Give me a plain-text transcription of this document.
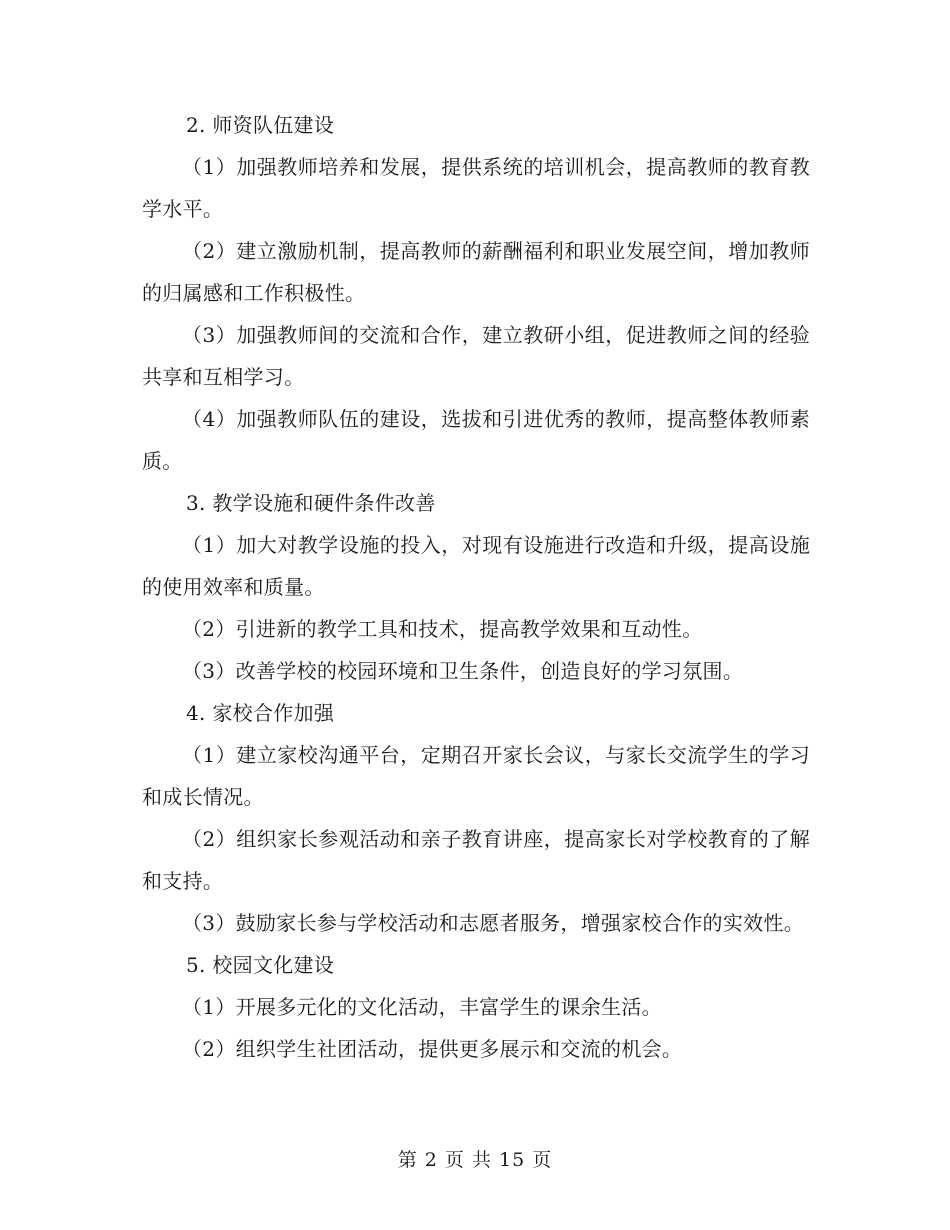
2. 师资队伍建设

（1）加强教师培养和发展，提供系统的培训机会，提高教师的教育教学水平。

（2）建立激励机制，提高教师的薪酬福利和职业发展空间，增加教师的归属感和工作积极性。

（3）加强教师间的交流和合作，建立教研小组，促进教师之间的经验共享和互相学习。

（4）加强教师队伍的建设，选拔和引进优秀的教师，提高整体教师素质。

3. 教学设施和硬件条件改善

（1）加大对教学设施的投入，对现有设施进行改造和升级，提高设施的使用效率和质量。

（2）引进新的教学工具和技术，提高教学效果和互动性。

（3）改善学校的校园环境和卫生条件，创造良好的学习氛围。

4. 家校合作加强

（1）建立家校沟通平台，定期召开家长会议，与家长交流学生的学习和成长情况。

（2）组织家长参观活动和亲子教育讲座，提高家长对学校教育的了解和支持。

（3）鼓励家长参与学校活动和志愿者服务，增强家校合作的实效性。

5. 校园文化建设

（1）开展多元化的文化活动，丰富学生的课余生活。

（2）组织学生社团活动，提供更多展示和交流的机会。

第 2 页 共 15 页
